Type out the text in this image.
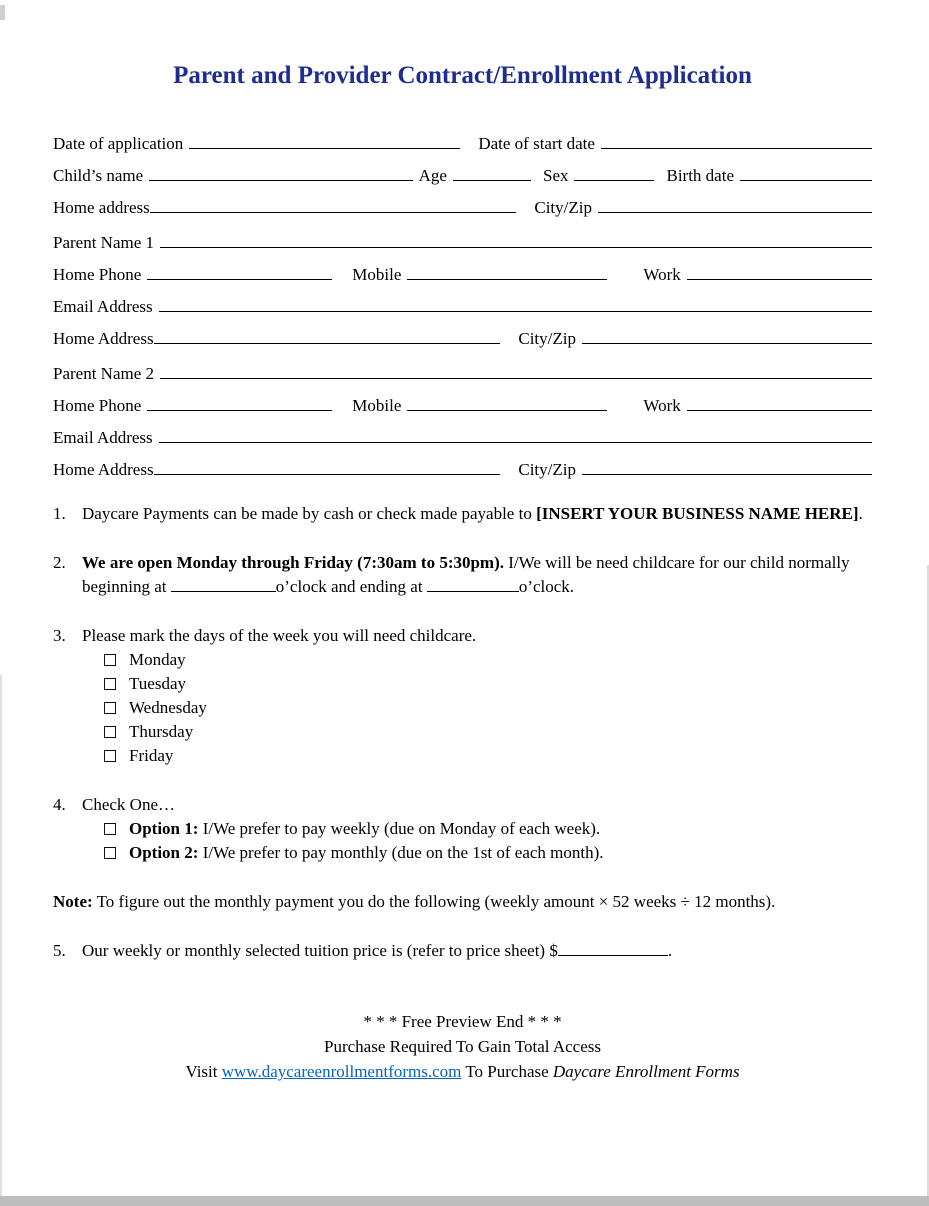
Parent and Provider Contract/Enrollment Application
Date of application	Date of start date
Child’s name	Age	Sex	Birth date
Home address	City/Zip
Parent Name 1
Home Phone	Mobile	Work
Email Address
Home Address	City/Zip
Parent Name 2
Home Phone	Mobile	Work
Email Address
Home Address	City/Zip
1. Daycare Payments can be made by cash or check made payable to [INSERT YOUR BUSINESS NAME HERE].
2. We are open Monday through Friday (7:30am to 5:30pm). I/We will be need childcare for our child normally beginning at	o’clock and ending at	o’clock.
3. Please mark the days of the week you will need childcare.
Monday
Tuesday
Wednesday
Thursday
Friday
4. Check One…
Option 1: I/We prefer to pay weekly (due on Monday of each week).
Option 2: I/We prefer to pay monthly (due on the 1st of each month).

Note: To figure out the monthly payment you do the following (weekly amount × 52 weeks ÷ 12 months).

5. Our weekly or monthly selected tuition price is (refer to price sheet) $	.
* * * Free Preview End * * *
Purchase Required To Gain Total Access
Visit www.daycareenrollmentforms.com To Purchase Daycare Enrollment Forms
